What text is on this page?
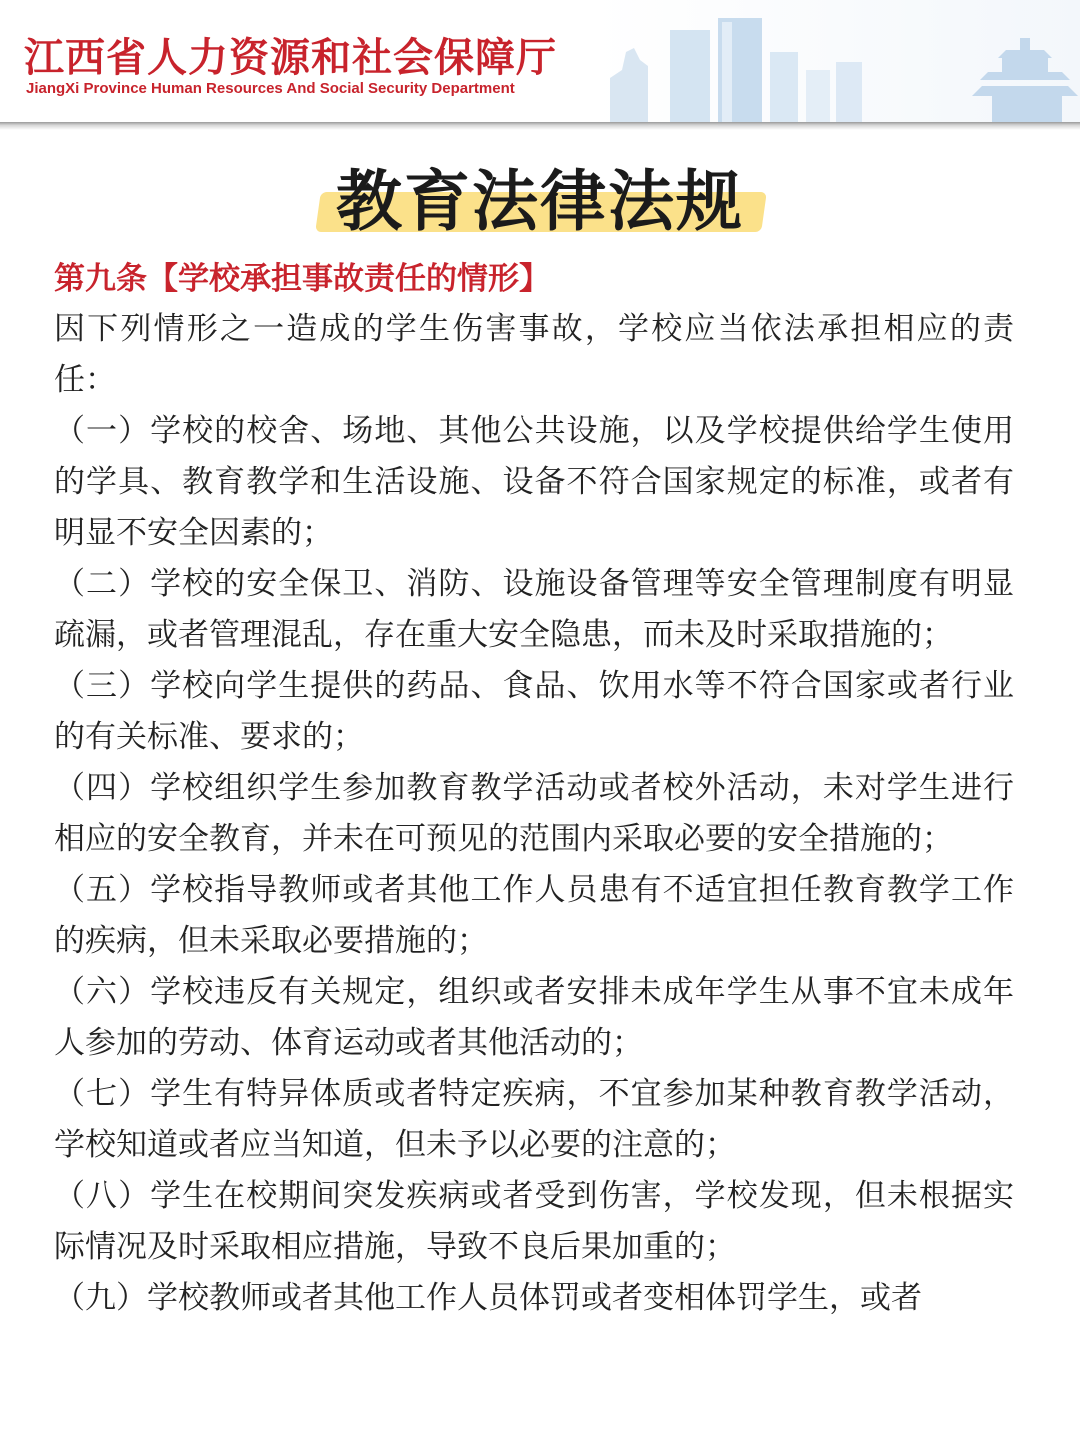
江西省人力资源和社会保障厅
JiangXi Province Human Resources And Social Security Department
教育法律法规
第九条【学校承担事故责任的情形】

因下列情形之一造成的学生伤害事故，学校应当依法承担相应的责任：

（一）学校的校舍、场地、其他公共设施，以及学校提供给学生使用的学具、教育教学和生活设施、设备不符合国家规定的标准，或者有明显不安全因素的；

（二）学校的安全保卫、消防、设施设备管理等安全管理制度有明显疏漏，或者管理混乱，存在重大安全隐患，而未及时采取措施的；

（三）学校向学生提供的药品、食品、饮用水等不符合国家或者行业的有关标准、要求的；

（四）学校组织学生参加教育教学活动或者校外活动，未对学生进行相应的安全教育，并未在可预见的范围内采取必要的安全措施的；

（五）学校指导教师或者其他工作人员患有不适宜担任教育教学工作的疾病，但未采取必要措施的；

（六）学校违反有关规定，组织或者安排未成年学生从事不宜未成年人参加的劳动、体育运动或者其他活动的；

（七）学生有特异体质或者特定疾病，不宜参加某种教育教学活动，学校知道或者应当知道，但未予以必要的注意的；

（八）学生在校期间突发疾病或者受到伤害，学校发现，但未根据实际情况及时采取相应措施，导致不良后果加重的；

（九）学校教师或者其他工作人员体罚或者变相体罚学生，或者
